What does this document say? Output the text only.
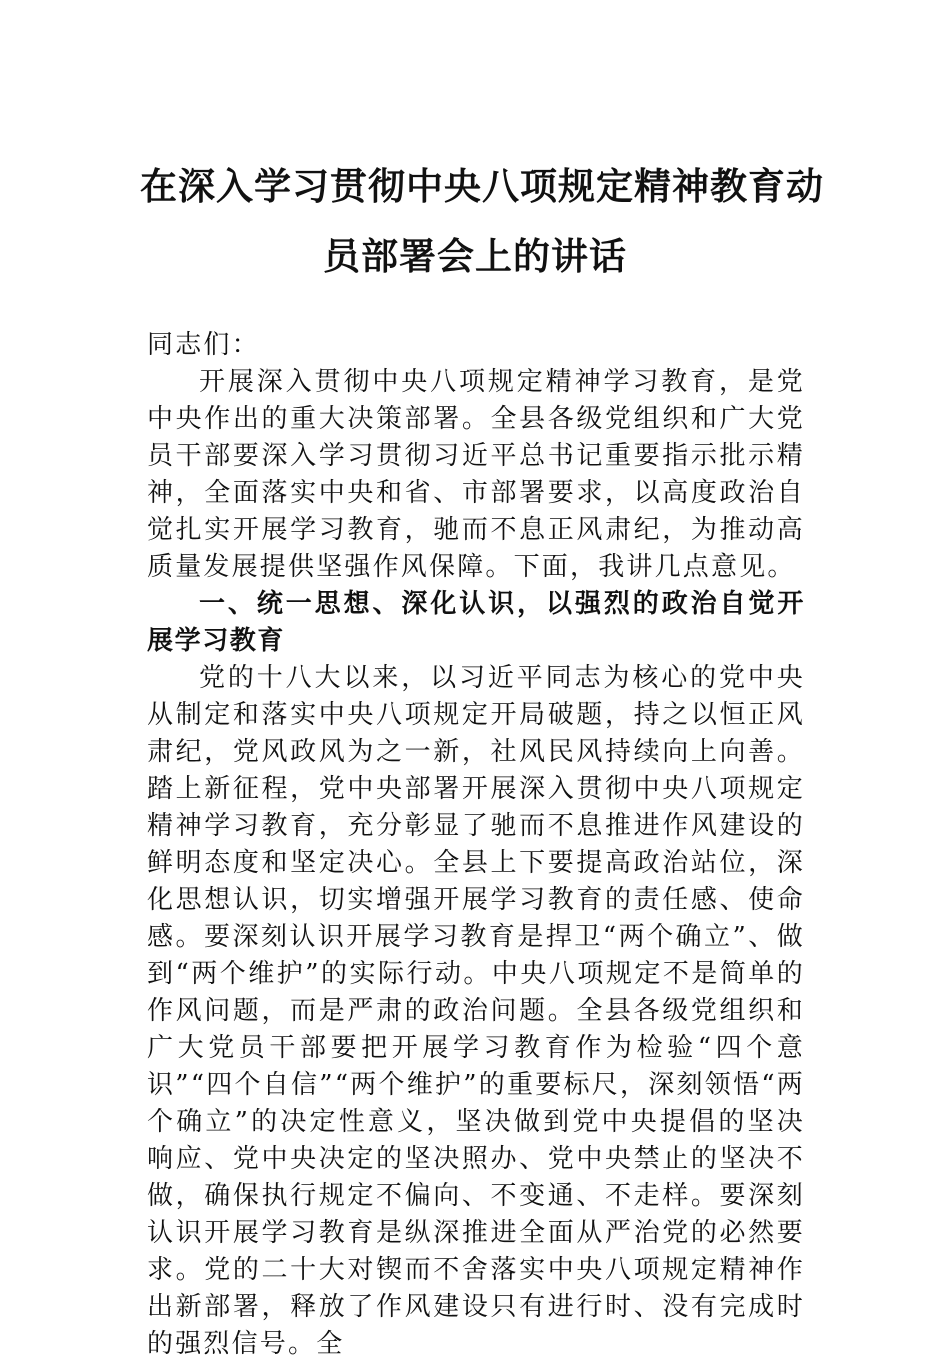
在深入学习贯彻中央八项规定精神教育动
员部署会上的讲话

同志们：

开展深入贯彻中央八项规定精神学习教育，是党中央作出的重大决策部署。全县各级党组织和广大党员干部要深入学习贯彻习近平总书记重要指示批示精神，全面落实中央和省、市部署要求，以高度政治自觉扎实开展学习教育，驰而不息正风肃纪，为推动高质量发展提供坚强作风保障。下面，我讲几点意见。

一、统一思想、深化认识，以强烈的政治自觉开展学习教育

党的十八大以来，以习近平同志为核心的党中央从制定和落实中央八项规定开局破题，持之以恒正风肃纪，党风政风为之一新，社风民风持续向上向善。踏上新征程，党中央部署开展深入贯彻中央八项规定精神学习教育，充分彰显了驰而不息推进作风建设的鲜明态度和坚定决心。全县上下要提高政治站位，深化思想认识，切实增强开展学习教育的责任感、使命感。要深刻认识开展学习教育是捍卫“两个确立”、做到“两个维护”的实际行动。中央八项规定不是简单的作风问题，而是严肃的政治问题。全县各级党组织和广大党员干部要把开展学习教育作为检验“四个意识”“四个自信”“两个维护”的重要标尺，深刻领悟“两个确立”的决定性意义，坚决做到党中央提倡的坚决响应、党中央决定的坚决照办、党中央禁止的坚决不做，确保执行规定不偏向、不变通、不走样。要深刻认识开展学习教育是纵深推进全面从严治党的必然要求。党的二十大对锲而不舍落实中央八项规定精神作出新部署，释放了作风建设只有进行时、没有完成时的强烈信号。全
